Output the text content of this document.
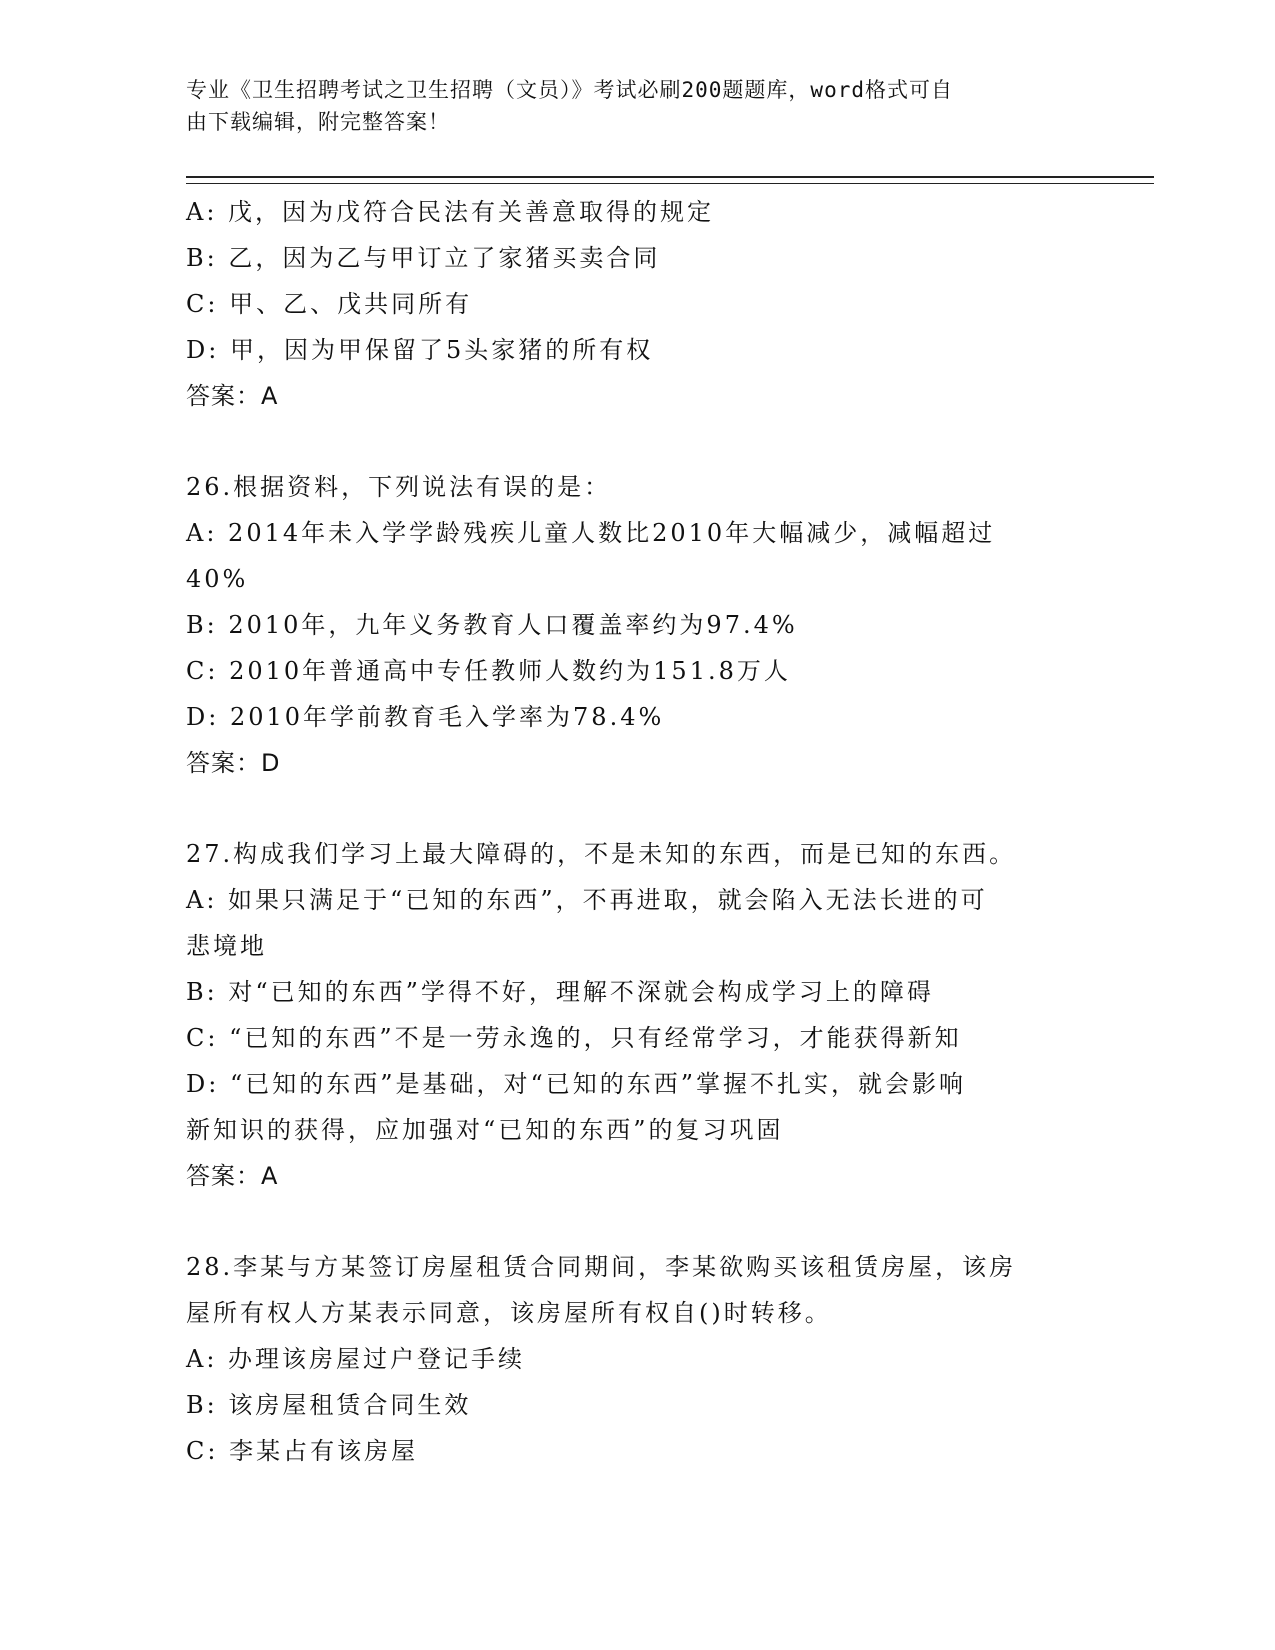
专业《卫生招聘考试之卫生招聘（文员）》考试必刷200题题库，word格式可自
由下载编辑，附完整答案！
A: 戊，因为戊符合民法有关善意取得的规定
B: 乙，因为乙与甲订立了家猪买卖合同
C: 甲、乙、戊共同所有
D: 甲，因为甲保留了5头家猪的所有权
答案：A
26.根据资料，下列说法有误的是：
A: 2014年未入学学龄残疾儿童人数比2010年大幅减少，减幅超过
40%
B: 2010年，九年义务教育人口覆盖率约为97.4%
C: 2010年普通高中专任教师人数约为151.8万人
D: 2010年学前教育毛入学率为78.4%
答案：D
27.构成我们学习上最大障碍的，不是未知的东西，而是已知的东西。
A: 如果只满足于“已知的东西”，不再进取，就会陷入无法长进的可
悲境地
B: 对“已知的东西”学得不好，理解不深就会构成学习上的障碍
C: “已知的东西”不是一劳永逸的，只有经常学习，才能获得新知
D: “已知的东西”是基础，对“已知的东西”掌握不扎实，就会影响
新知识的获得，应加强对“已知的东西”的复习巩固
答案：A
28.李某与方某签订房屋租赁合同期间，李某欲购买该租赁房屋，该房
屋所有权人方某表示同意，该房屋所有权自()时转移。
A: 办理该房屋过户登记手续
B: 该房屋租赁合同生效
C: 李某占有该房屋
